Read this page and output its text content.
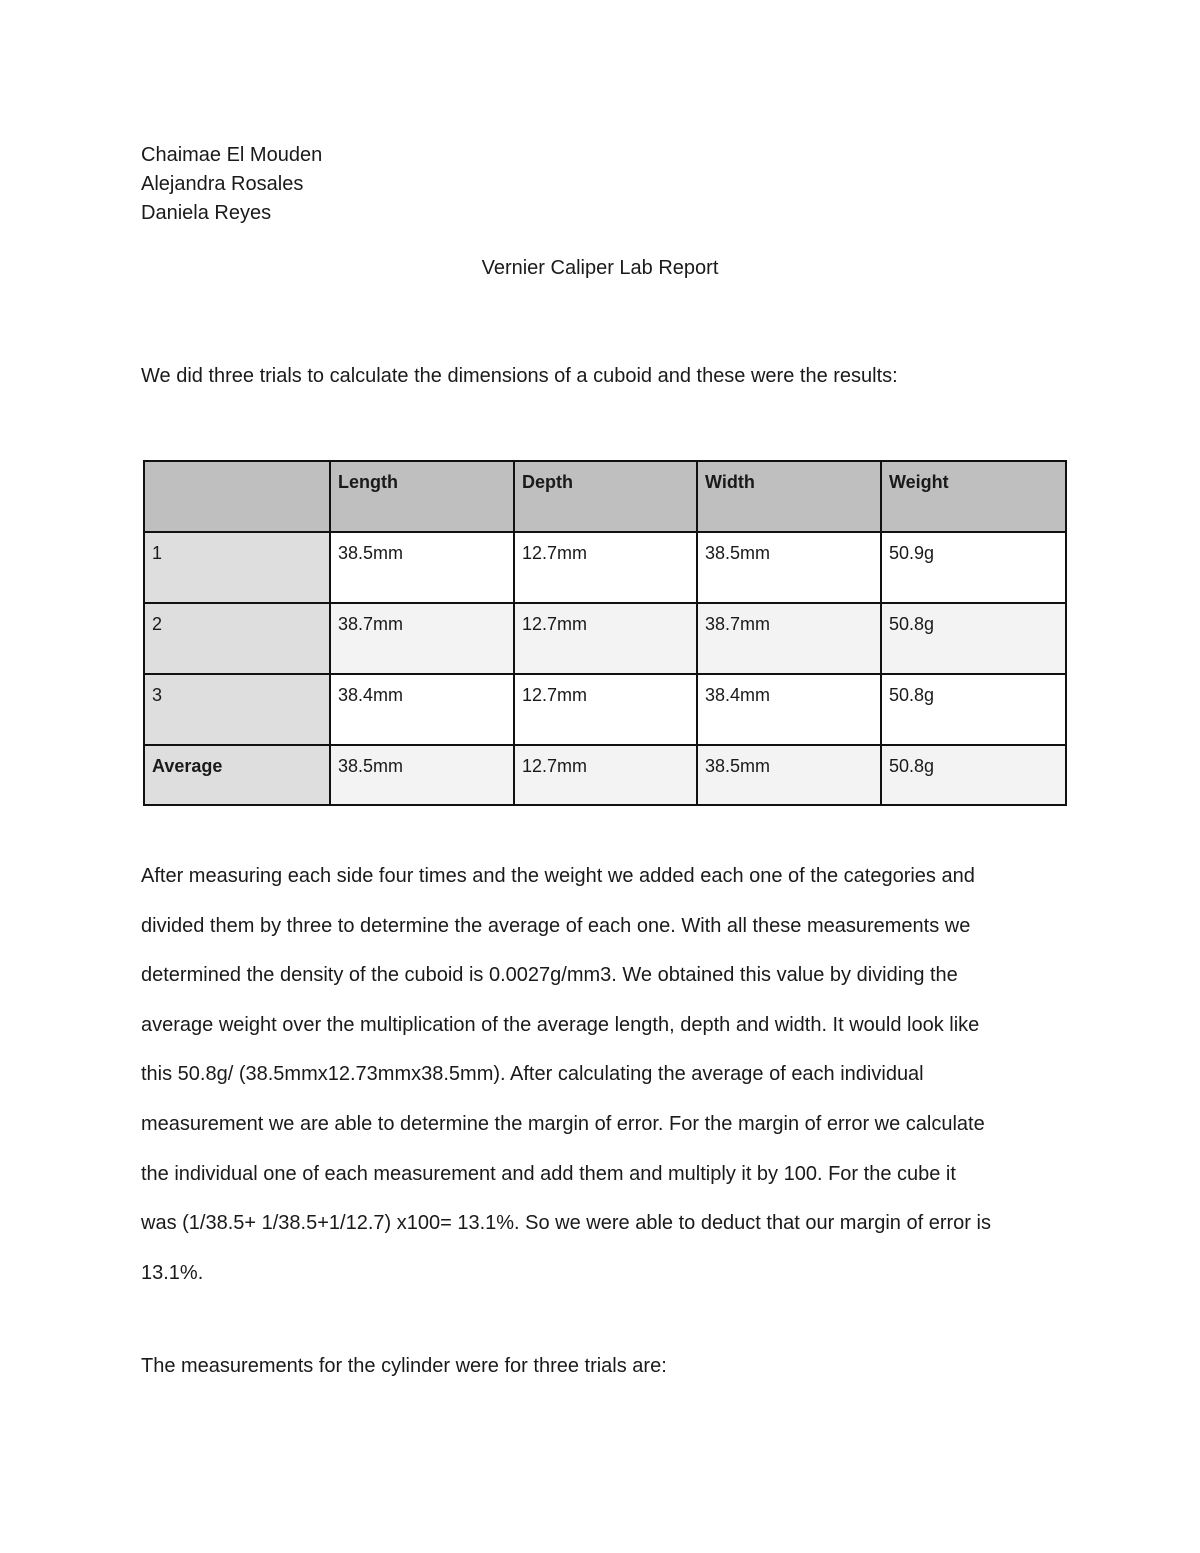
Chaimae El Mouden
Alejandra Rosales
Daniela Reyes
Vernier Caliper Lab Report
We did three trials to calculate the dimensions of a cuboid and these were the results:
	Length	Depth	Width	Weight
1	38.5mm	12.7mm	38.5mm	50.9g
2	38.7mm	12.7mm	38.7mm	50.8g
3	38.4mm	12.7mm	38.4mm	50.8g
Average	38.5mm	12.7mm	38.5mm	50.8g
After measuring each side four times and the weight we added each one of the categories and
divided them by three to determine the average of each one. With all these measurements we
determined the density of the cuboid is 0.0027g/mm3. We obtained this value by dividing the
average weight over the multiplication of the average length, depth and width. It would look like
this 50.8g/ (38.5mmx12.73mmx38.5mm). After calculating the average of each individual
measurement we are able to determine the margin of error. For the margin of error we calculate
the individual one of each measurement and add them and multiply it by 100. For the cube it
was (1/38.5+ 1/38.5+1/12.7) x100= 13.1%. So we were able to deduct that our margin of error is
13.1%.
The measurements for the cylinder were for three trials are:
